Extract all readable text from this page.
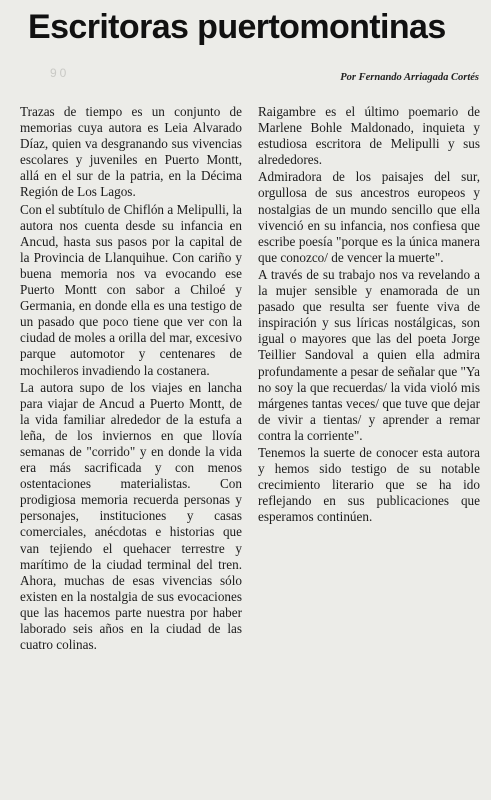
Escritoras puertomontinas
90	Por Fernando Arriagada Cortés

Trazas de tiempo es un conjunto de memorias cuya autora es Leia Alvarado Díaz, quien va desgranando sus vivencias escolares y juveniles en Puerto Montt, allá en el sur de la patria, en la Décima Región de Los Lagos.

Con el subtítulo de Chiflón a Melipulli, la autora nos cuenta desde su infancia en Ancud, hasta sus pasos por la capital de la Provincia de Llanquihue. Con cariño y buena memoria nos va evocando ese Puerto Montt con sabor a Chiloé y Germania, en donde ella es una testigo de un pasado que poco tiene que ver con la ciudad de moles a orilla del mar, excesivo parque automotor y centenares de mochileros invadiendo la costanera.

La autora supo de los viajes en lancha para viajar de Ancud a Puerto Montt, de la vida familiar alrededor de la estufa a leña, de los inviernos en que llovía semanas de "corrido" y en donde la vida era más sacrificada y con menos ostentaciones materialistas. Con prodigiosa memoria recuerda personas y personajes, instituciones y casas comerciales, anécdotas e historias que van tejiendo el quehacer terrestre y marítimo de la ciudad terminal del tren. Ahora, muchas de esas vivencias sólo existen en la nostalgia de sus evocaciones que las hacemos parte nuestra por haber laborado seis años en la ciudad de las cuatro colinas.

Raigambre es el último poemario de Marlene Bohle Maldonado, inquieta y estudiosa escritora de Melipulli y sus alrededores.

Admiradora de los paisajes del sur, orgullosa de sus ancestros europeos y nostalgias de un mundo sencillo que ella vivenció en su infancia, nos confiesa que escribe poesía "porque es la única manera que conozco/ de vencer la muerte".

A través de su trabajo nos va revelando a la mujer sensible y enamorada de un pasado que resulta ser fuente viva de inspiración y sus líricas nostálgicas, son igual o mayores que las del poeta Jorge Teillier Sandoval a quien ella admira profundamente a pesar de señalar que "Ya no soy la que recuerdas/ la vida violó mis márgenes tantas veces/ que tuve que dejar de vivir a tientas/ y aprender a remar contra la corriente".

Tenemos la suerte de conocer esta autora y hemos sido testigo de su notable crecimiento literario que se ha ido reflejando en sus publicaciones que esperamos continúen.
